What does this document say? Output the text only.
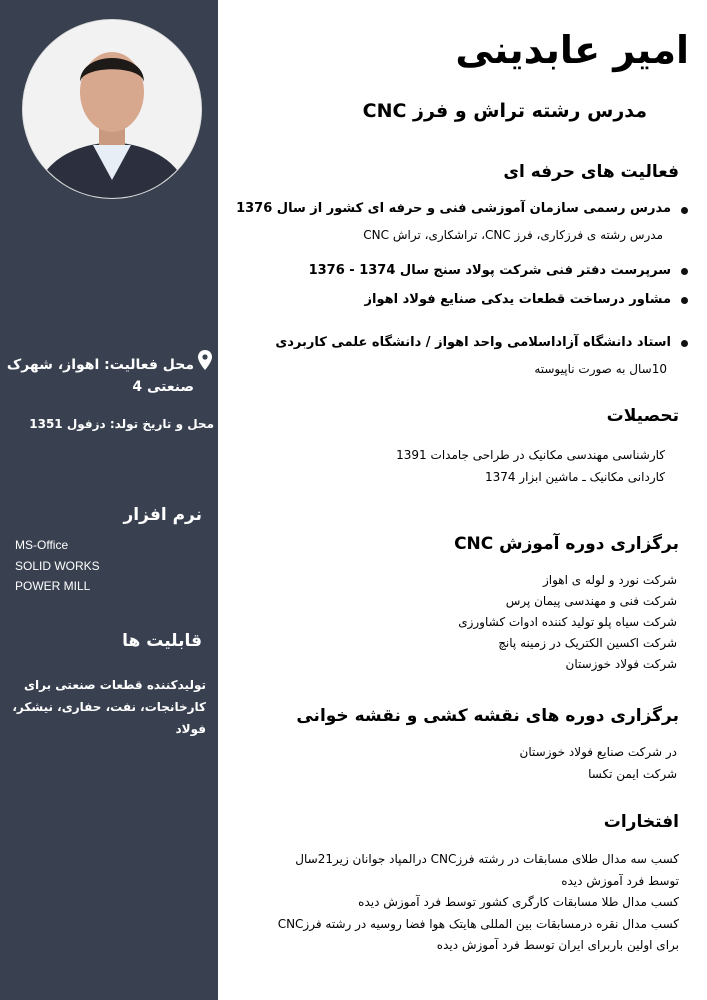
محل فعالیت: اهواز، شهرک
صنعتی 4
محل و تاریخ تولد: دزفول 1351
نرم افزار
MS-Office
SOLID WORKS
POWER MILL
قابلیت ها
تولیدکننده قطعات صنعتی برای
کارخانجات، نفت، حفاری، نیشکر،
فولاد
امیر عابدینی
مدرس رشته تراش و فرز CNC
فعالیت های حرفه ای
مدرس رسمی سازمان آموزشی فنی و حرفه ای کشور از سال 1376
مدرس رشته ی فرزکاری، فرز CNC، تراشکاری، تراش CNC
سرپرست دفتر فنی شرکت پولاد سنج سال 1374 - 1376
مشاور درساخت قطعات یدکی صنایع فولاد اهواز
استاد دانشگاه آزاداسلامی واحد اهواز / دانشگاه علمی کاربردی
10سال به صورت ناپیوسته
تحصیلات
کارشناسی مهندسی مکانیک در طراحی جامدات 1391
کاردانی مکانیک ـ ماشین ابزار 1374
برگزاری دوره آموزش CNC
شرکت نورد و لوله ی اهواز
شرکت فنی و مهندسی پیمان پرس
شرکت سیاه پلو تولید کننده ادوات کشاورزی
شرکت اکسین الکتریک در زمینه پانچ
شرکت فولاد خوزستان
برگزاری دوره های نقشه کشی و نقشه خوانی
در شرکت صنایع فولاد خوزستان
شرکت ایمن تکسا
افتخارات
کسب سه مدال طلای مسابقات در رشته فرزCNC درالمپاد جوانان زیر21سال
توسط فرد آموزش دیده
کسب مدال طلا مسابقات کارگری کشور توسط فرد آموزش دیده
کسب مدال نقره درمسابقات بین المللی هایتک هوا فضا روسیه در رشته فرزCNC
برای اولین باربرای ایران توسط فرد آموزش دیده
